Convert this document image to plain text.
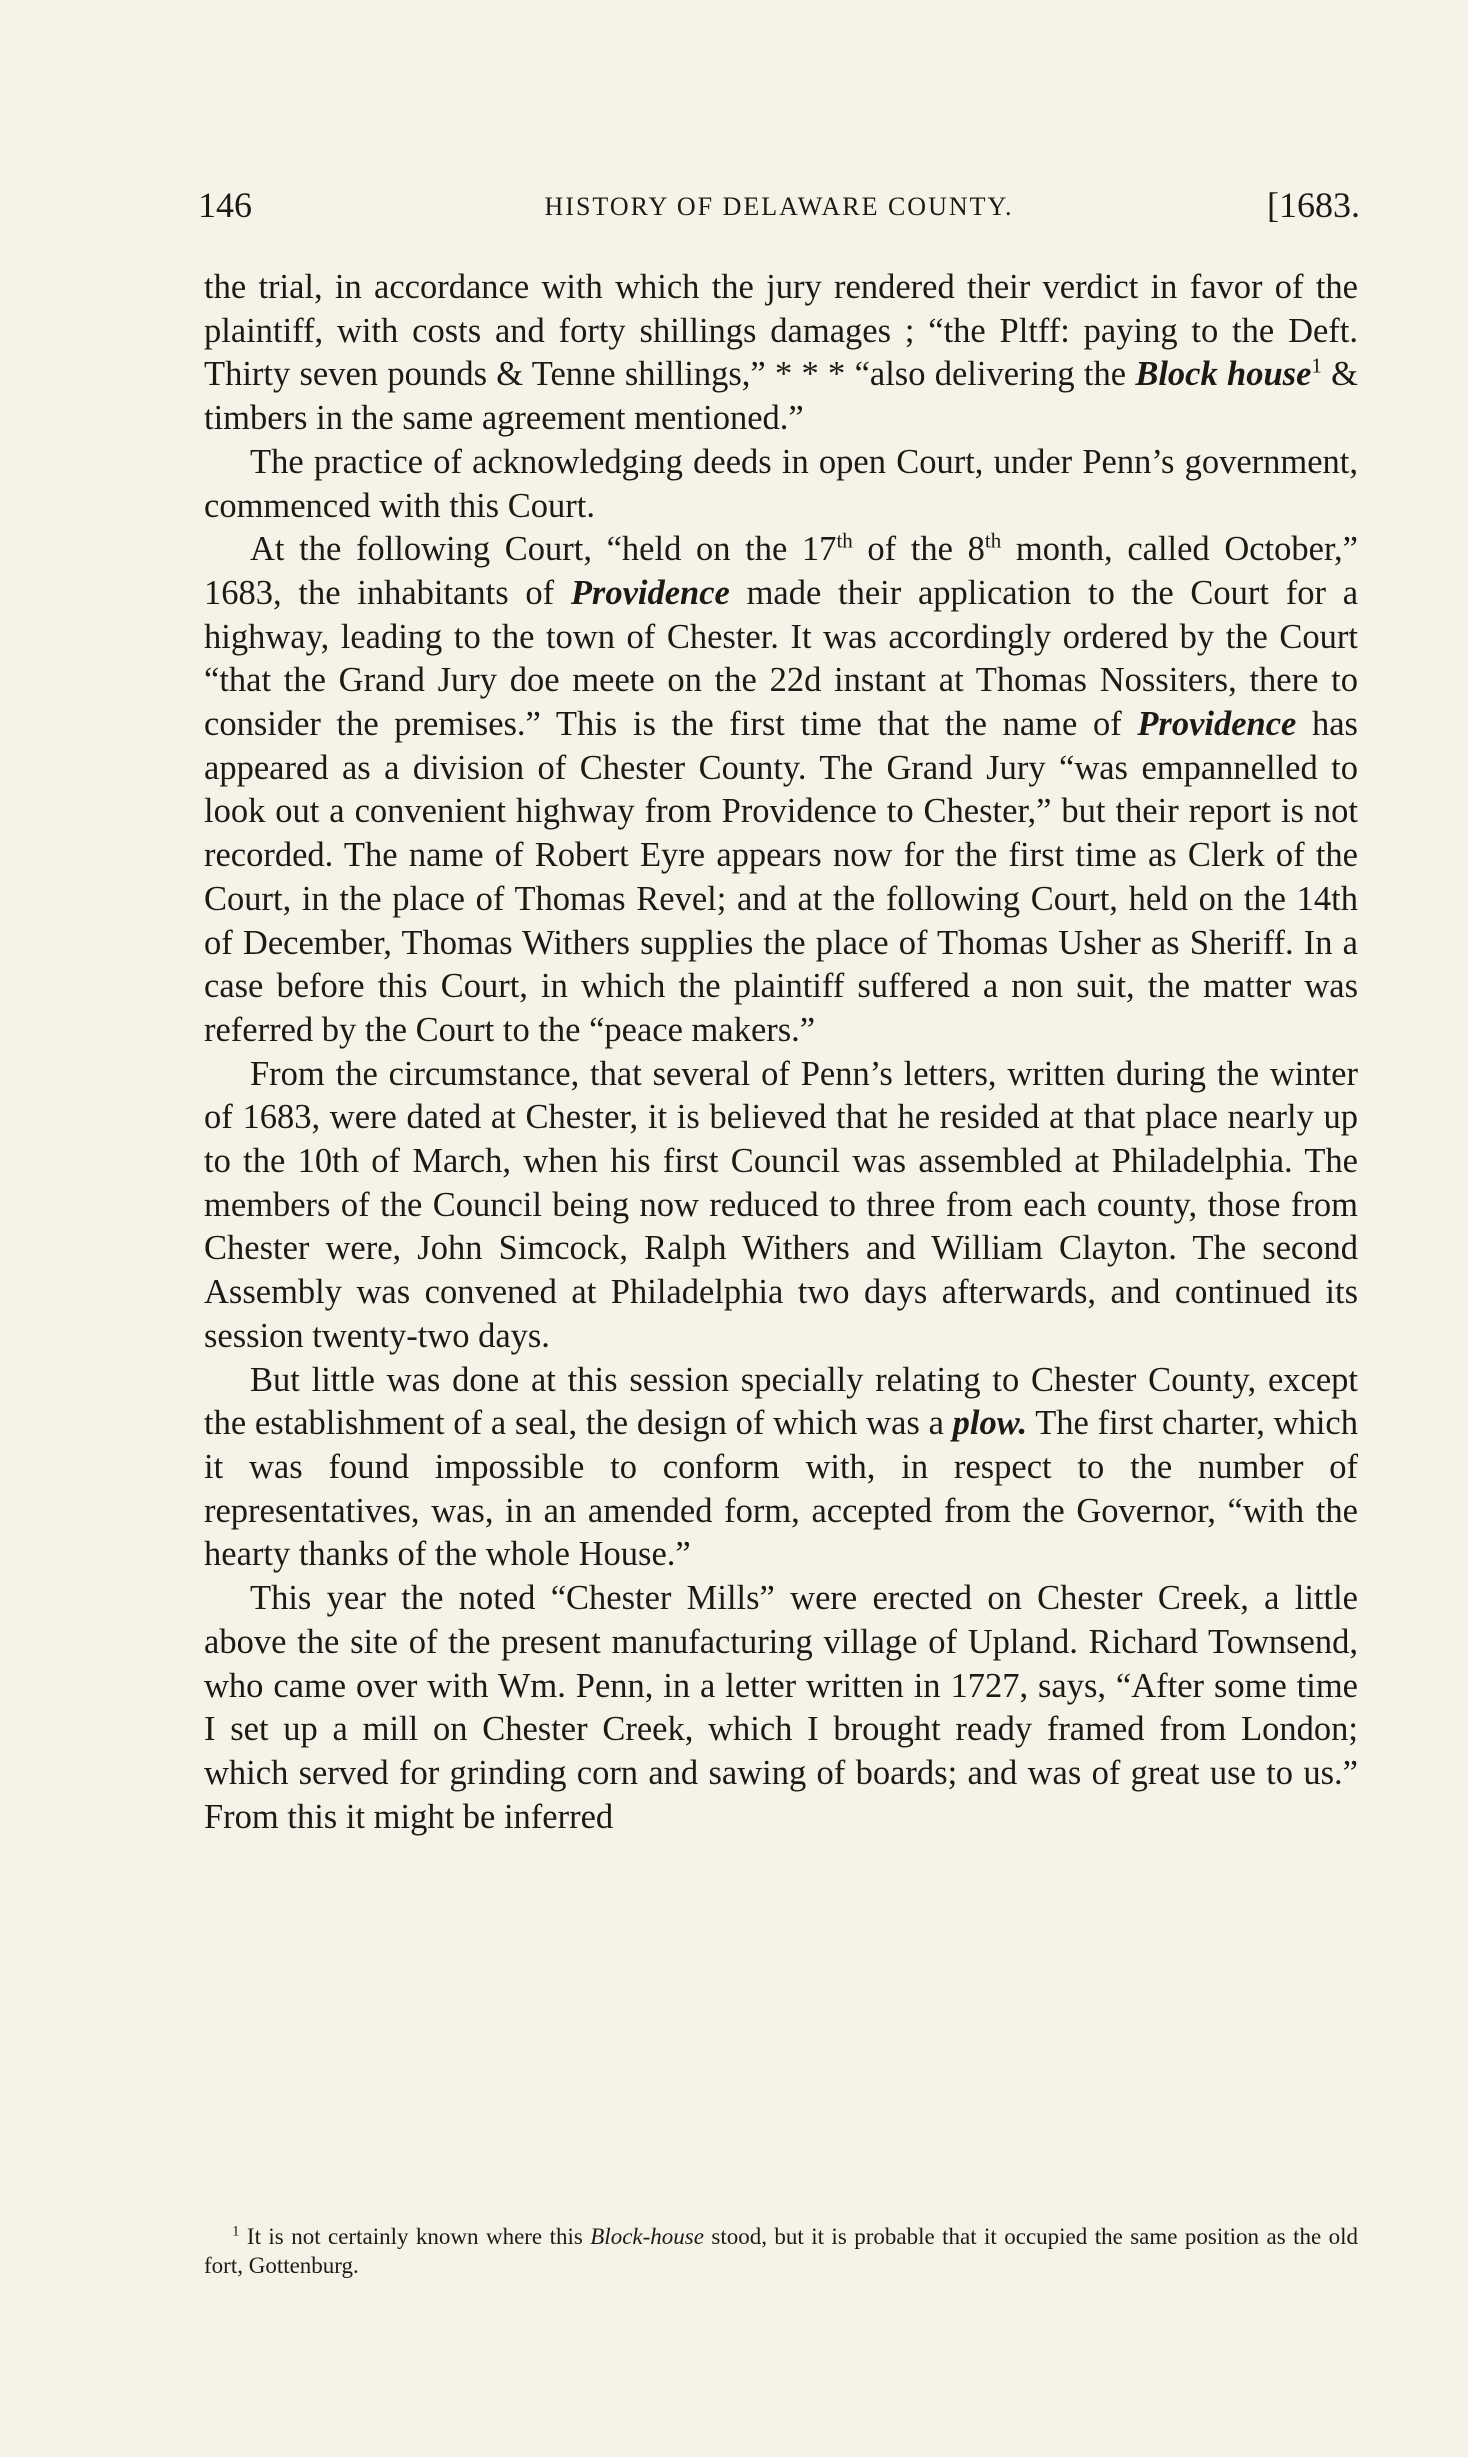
146	HISTORY OF DELAWARE COUNTY.	[1683.

the trial, in accordance with which the jury rendered their verdict in favor of the plaintiff, with costs and forty shillings damages ; “the Pltff: paying to the Deft. Thirty seven pounds & Tenne shillings,” * * * “also delivering the Block house$^1$ & timbers in the same agreement mentioned.”

The practice of acknowledging deeds in open Court, under Penn’s government, commenced with this Court.

At the following Court, “held on the 17th of the 8th month, called October,” 1683, the inhabitants of Providence made their application to the Court for a highway, leading to the town of Chester. It was accordingly ordered by the Court “that the Grand Jury doe meete on the 22d instant at Thomas Nossiters, there to consider the premises.” This is the first time that the name of Providence has appeared as a division of Chester County. The Grand Jury “was empannelled to look out a convenient highway from Providence to Chester,” but their report is not recorded. The name of Robert Eyre appears now for the first time as Clerk of the Court, in the place of Thomas Revel; and at the following Court, held on the 14th of December, Thomas Withers supplies the place of Thomas Usher as Sheriff. In a case before this Court, in which the plaintiff suffered a non suit, the matter was referred by the Court to the “peace makers.”

From the circumstance, that several of Penn’s letters, written during the winter of 1683, were dated at Chester, it is believed that he resided at that place nearly up to the 10th of March, when his first Council was assembled at Philadelphia. The members of the Council being now reduced to three from each county, those from Chester were, John Simcock, Ralph Withers and William Clayton. The second Assembly was convened at Philadelphia two days afterwards, and continued its session twenty-two days.

But little was done at this session specially relating to Chester County, except the establishment of a seal, the design of which was a plow. The first charter, which it was found impossible to conform with, in respect to the number of representatives, was, in an amended form, accepted from the Governor, “with the hearty thanks of the whole House.”

This year the noted “Chester Mills” were erected on Chester Creek, a little above the site of the present manufacturing village of Upland. Richard Townsend, who came over with Wm. Penn, in a letter written in 1727, says, “After some time I set up a mill on Chester Creek, which I brought ready framed from London; which served for grinding corn and sawing of boards; and was of great use to us.” From this it might be inferred

$^1$ It is not certainly known where this Block-house stood, but it is probable that it occupied the same position as the old fort, Gottenburg.
